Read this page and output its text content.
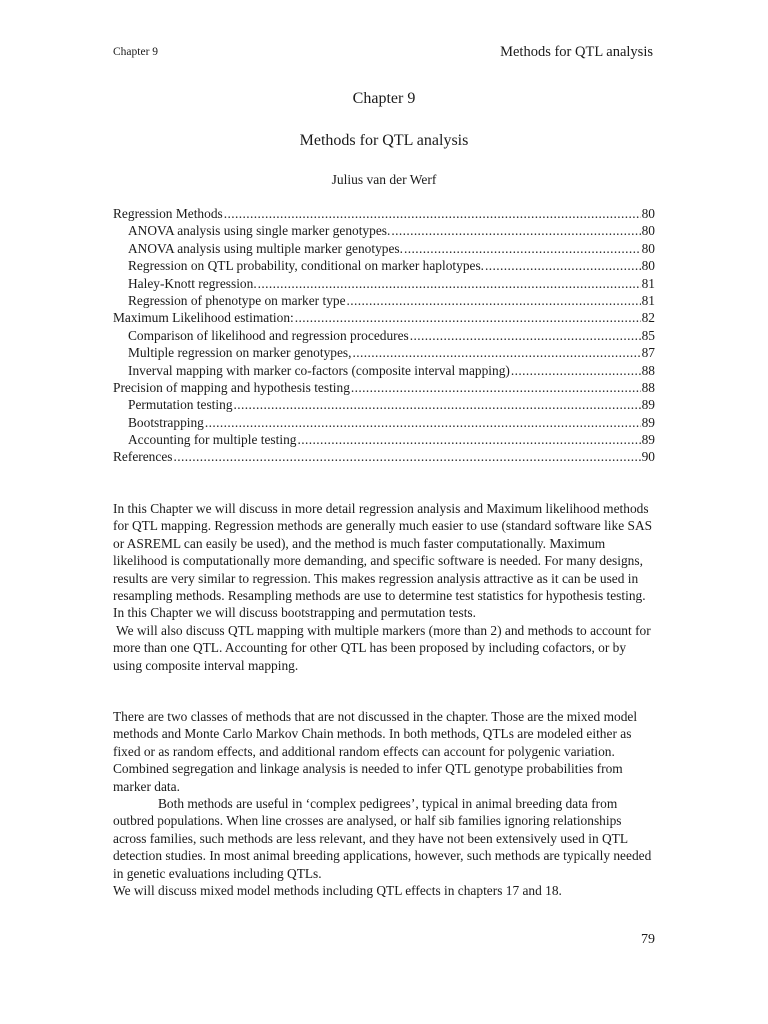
Chapter 9	Methods for QTL analysis
Chapter 9
Methods for QTL analysis
Julius van der Werf
Regression Methods .....	80
ANOVA analysis using single marker genotypes. .....	80
ANOVA analysis using multiple marker genotypes. .....	80
Regression on QTL probability, conditional on marker haplotypes. .....	80
Haley-Knott regression. .....	81
Regression of phenotype on marker type .....	81
Maximum Likelihood estimation: .....	82
Comparison of likelihood and regression procedures .....	85
Multiple regression on marker genotypes, .....	87
Inverval mapping with marker co-factors (composite interval mapping) .....	88
Precision of mapping and hypothesis testing .....	88
Permutation testing .....	89
Bootstrapping .....	89
Accounting for multiple testing .....	89
References .....	90

In this Chapter we will discuss in more detail regression analysis and Maximum likelihood methods for QTL mapping. Regression methods are generally much easier to use (standard software like SAS or ASREML can easily be used), and the method is much faster computationally. Maximum likelihood is computationally more demanding, and specific software is needed. For many designs, results are very similar to regression. This makes regression analysis attractive as it can be used in resampling methods. Resampling methods are use to determine test statistics for hypothesis testing. In this Chapter we will discuss bootstrapping and permutation tests.

We will also discuss QTL mapping with multiple markers (more than 2) and methods to account for more than one QTL. Accounting for other QTL has been proposed by including cofactors, or by using composite interval mapping.

There are two classes of methods that are not discussed in the chapter. Those are the mixed model methods and Monte Carlo Markov Chain methods. In both methods, QTLs are modeled either as fixed or as random effects, and additional random effects can account for polygenic variation. Combined segregation and linkage analysis is needed to infer QTL genotype probabilities from marker data.

Both methods are useful in ‘complex pedigrees’, typical in animal breeding data from outbred populations. When line crosses are analysed, or half sib families ignoring relationships across families, such methods are less relevant, and they have not been extensively used in QTL detection studies. In most animal breeding applications, however, such methods are typically needed in genetic evaluations including QTLs.

We will discuss mixed model methods including QTL effects in chapters 17 and 18.

79
